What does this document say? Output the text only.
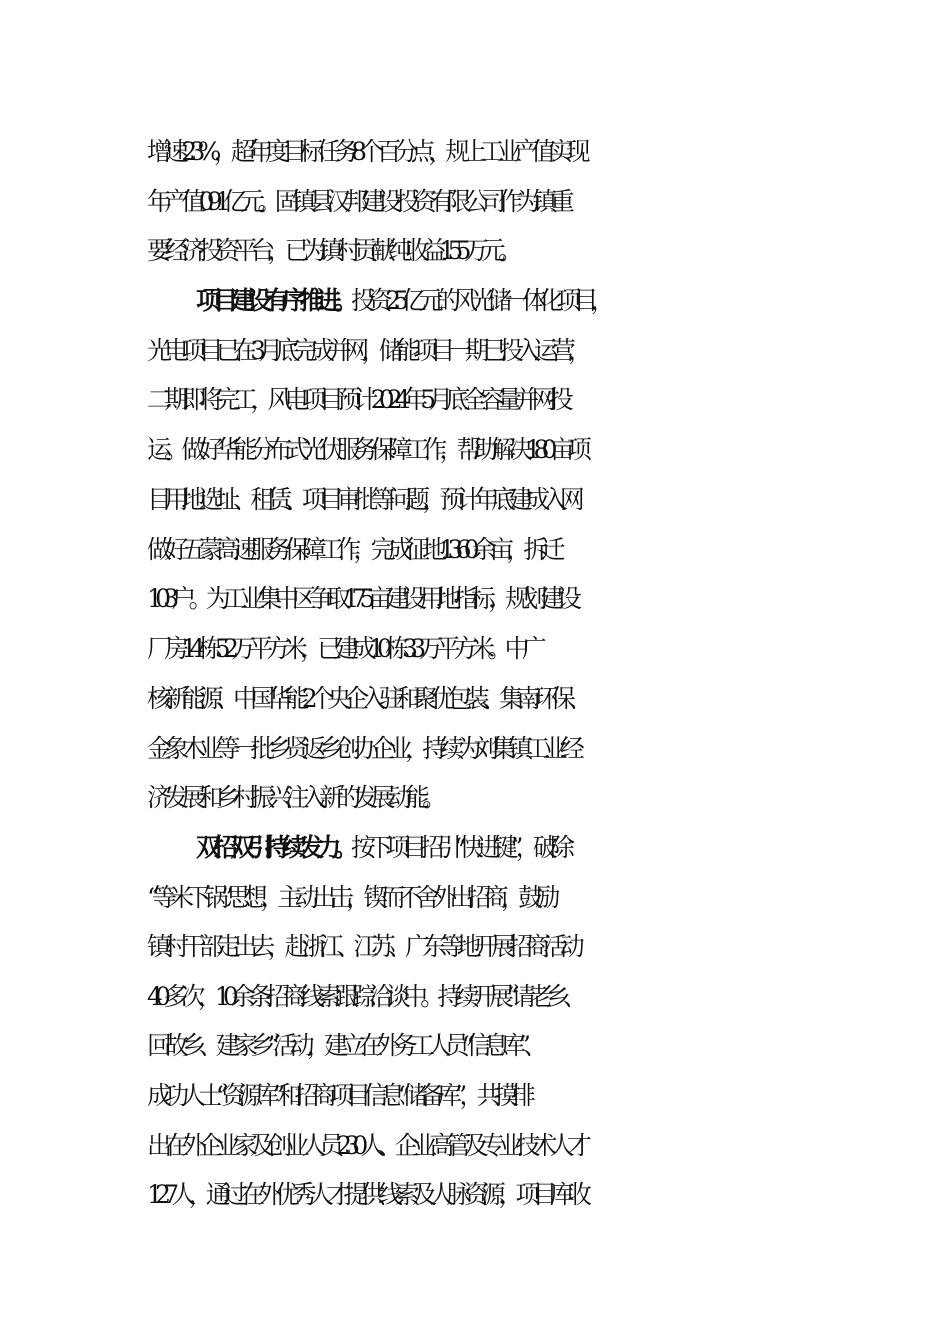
增速23%，超年度目标任务8个百分点，规上工业产值实现
年产值0.91亿元。固镇县汉邦建设投资有限公司作为镇重
要经济投资平台，已为镇村贡献纯收益155万元。
项目建设有序推进。投资25亿元的风光储一体化项目，
光电项目已在3月底完成并网，储能项目一期已投入运营，
二期即将完工，风电项目预计2024年5月底全容量并网投
运。做好华能分布式光伏服务保障工作，帮助解决180亩项
目用地选址、租赁、项目审批等问题，预计年底建成入网
做好五蒙高速服务保障工作，完成征地1360余亩，拆迁
103户。为工业集中区争取175亩建设用地指标，规划建设
厂房14栋5.2万平方米，已建成10栋3.3万平方米。中广
核新能源、中国华能2个央企入驻和聚优包装、集南环保、
金象木业等一批乡贤返乡创办企业，持续为刘集镇工业经
济发展和乡村振兴注入新的发展动能。
双招双引持续发力。按下项目招引“快进键”，破除
“等米下锅”思想，主动出击，锲而不舍外出招商，鼓励
镇村干部走出去，赴浙江、江苏、广东等地开展招商活动
40多次，10余条招商线索跟踪洽谈中。持续开展“请老乡、
回故乡、建家乡”活动，建立在外务工人员“信息库”、
成功人士“资源库”和招商项目信息“储备库”，共摸排
出在外企业家及创业人员230人、企业高管及专业技术人才
127人，通过在外优秀人才提供线索及人脉资源，项目库收
